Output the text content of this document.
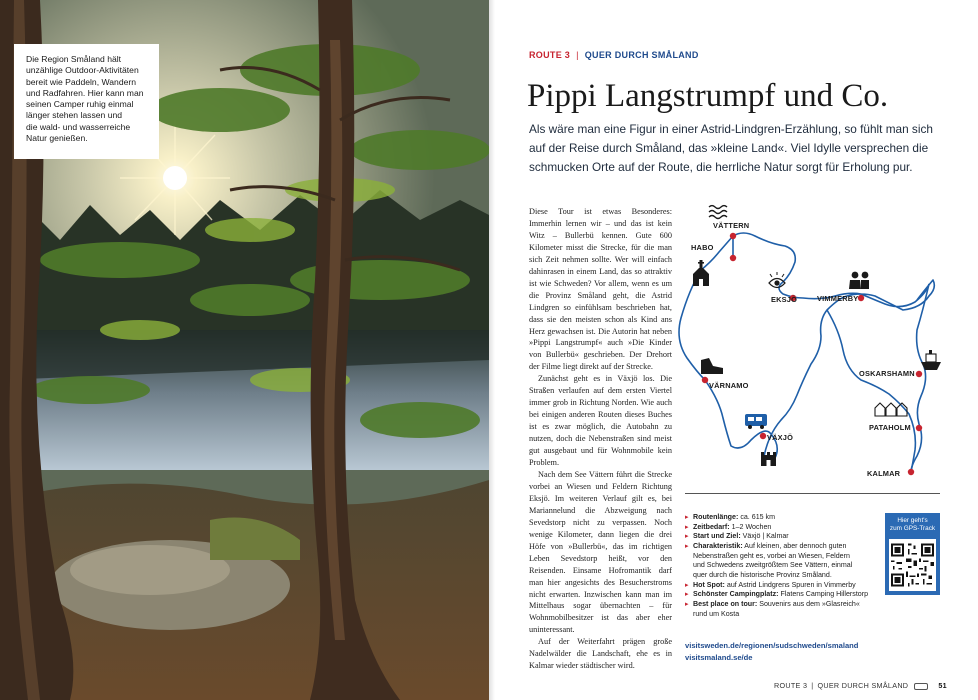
Die Region Småland hält
unzählige Outdoor-Aktivitäten
bereit wie Paddeln, Wandern
und Radfahren. Hier kann man
seinen Camper ruhig einmal
länger stehen lassen und
die wald- und wasserreiche
Natur genießen.
ROUTE 3 | QUER DURCH SMÅLAND
Pippi Langstrumpf und Co.
Als wäre man eine Figur in einer Astrid-Lindgren-Erzählung, so fühlt man sich auf der Reise durch Småland, das »kleine Land«. Viel Idylle versprechen die schmucken Orte auf der Route, die herrliche Natur sorgt für Erholung pur.

Diese Tour ist etwas Besonderes: Immerhin lernen wir – und das ist kein Witz – Bullerbü kennen. Gute 600 Kilometer misst die Strecke, für die man sich Zeit nehmen sollte. Wer will einfach dahinrasen in einem Land, das so attraktiv ist wie Schweden? Vor allem, wenn es um die Provinz Småland geht, die Astrid Lindgren so einfühlsam beschrieben hat, dass sie den meisten schon als Kind ans Herz gewachsen ist. Die Autorin hat neben »Pippi Langstrumpf« auch »Die Kinder von Bullerbü« geschrieben. Der Drehort der Filme liegt direkt auf der Strecke.

Zunächst geht es in Växjö los. Die Straßen verlaufen auf dem ersten Viertel immer grob in Richtung Norden. Wie auch bei einigen anderen Routen dieses Buches ist es zwar möglich, die Autobahn zu nutzen, doch die Nebenstraßen sind meist gut ausgebaut und für Wohnmobile kein Problem.

Nach dem See Vättern führt die Strecke vorbei an Wiesen und Feldern Richtung Eksjö. Im weiteren Verlauf gilt es, bei Mariannelund die Abzweigung nach Sevedstorp nicht zu verpassen. Noch wenige Kilometer, dann liegen die drei Höfe von »Bullerbü«, das im richtigen Leben Sevedstorp heißt, vor den Reisenden. Einsame Hofromantik darf man hier angesichts des Besucherstroms nicht erwarten. Inzwischen kann man im Mittelhaus sogar übernachten – für Wohnmobilbesitzer ist das aber eher uninteressant.

Auf der Weiterfahrt prägen große Nadelwälder die Landschaft, ehe es in Kalmar wieder städtischer wird.

VÄTTERN
HABO
EKSJÖ	VIMMERBY
OSKARSHAMN
VÄRNAMO
VÄXJÖ
PATAHOLM
KALMAR
▸ Routenlänge: ca. 615 km
▸ Zeitbedarf: 1–2 Wochen
▸ Start und Ziel: Växjö | Kalmar
▸ Charakteristik: Auf kleinen, aber dennoch guten
Nebenstraßen geht es, vorbei an Wiesen, Feldern
und Schwedens zweitgrößtem See Vättern, einmal
quer durch die historische Provinz Småland.
▸ Hot Spot: auf Astrid Lindgrens Spuren in Vimmerby
▸ Schönster Campingplatz: Flatens Camping Hillerstorp
▸ Best place on tour: Souvenirs aus dem »Glasreich« rund um Kosta
Hier geht's
zum GPS-Track
visitsweden.de/regionen/sudschweden/smaland
visitsmaland.se/de
ROUTE 3 | QUER DURCH SMÅLAND	51
